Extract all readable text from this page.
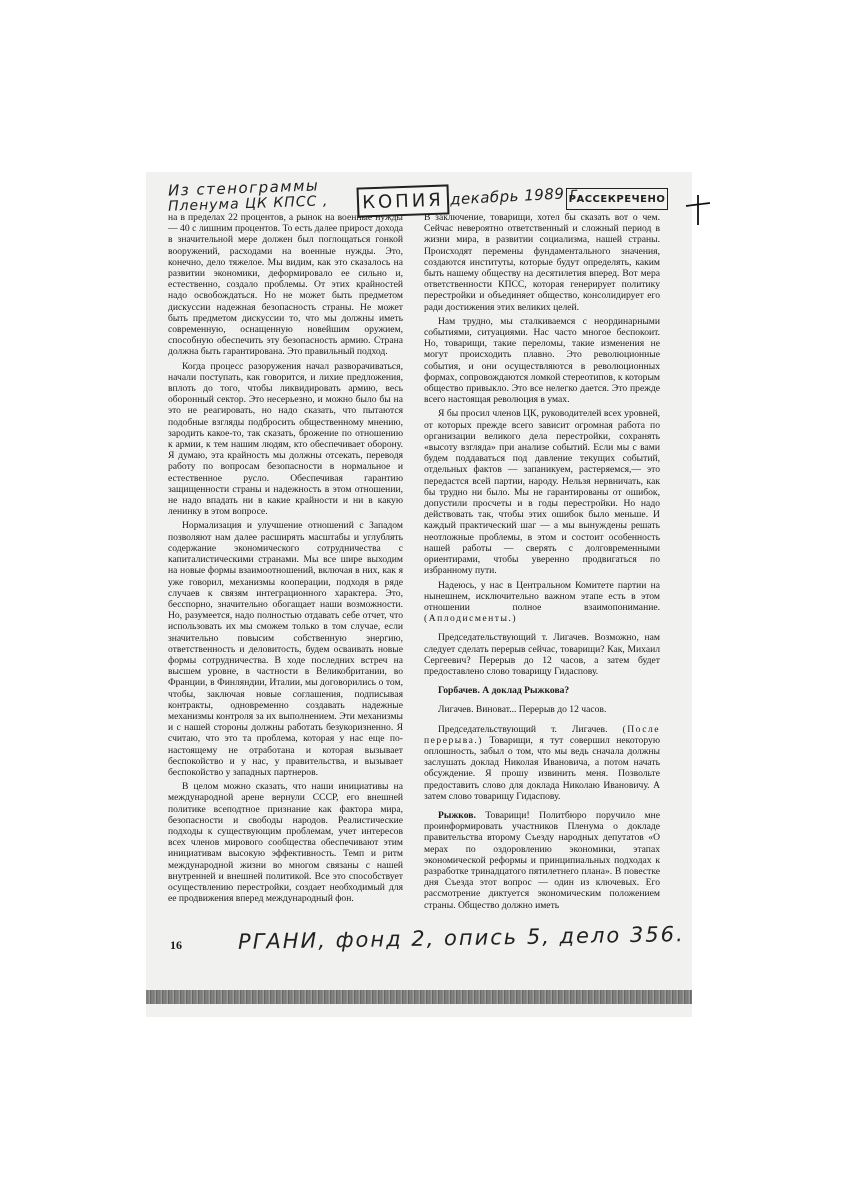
Из стенограммы
Пленума ЦК КПСС ,	КОПИЯ декабрь 1989 г.
РАССЕКРЕЧЕНО

на в пределах 22 процентов, а рынок на военные нужды — 40 с лишним процентов. То есть далее прирост дохода в значительной мере должен был поглощаться гонкой вооружений, расходами на военные нужды. Это, конечно, дело тяжелое. Мы видим, как это сказалось на развитии экономики, деформировало ее сильно и, естественно, создало проблемы. От этих крайностей надо освобождаться. Но не может быть предметом дискуссии надежная безопасность страны. Не может быть предметом дискуссии то, что мы должны иметь современную, оснащенную новейшим оружием, способную обеспечить эту безопасность армию. Страна должна быть гарантирована. Это правильный подход.

Когда процесс разоружения начал разворачиваться, начали поступать, как говорится, и лихие предложения, вплоть до того, чтобы ликвидировать армию, весь оборонный сектор. Это несерьезно, и можно было бы на это не реагировать, но надо сказать, что пытаются подобные взгляды подбросить общественному мнению, зародить какое-то, так сказать, брожение по отношению к армии, к тем нашим людям, кто обеспечивает оборону. Я думаю, эта крайность мы должны отсекать, переводя работу по вопросам безопасности в нормальное и естественное русло. Обеспечивая гарантию защищенности страны и надежность в этом отношении, не надо впадать ни в какие крайности и ни в какую ленинку в этом вопросе.

Нормализация и улучшение отношений с Западом позволяют нам далее расширять масштабы и углублять содержание экономического сотрудничества с капиталистическими странами. Мы все шире выходим на новые формы взаимоотношений, включая в них, как я уже говорил, механизмы кооперации, подходя в ряде случаев к связям интеграционного характера. Это, бесспорно, значительно обогащает наши возможности. Но, разумеется, надо полностью отдавать себе отчет, что использовать их мы сможем только в том случае, если значительно повысим собственную энергию, ответственность и деловитость, будем осваивать новые формы сотрудничества. В ходе последних встреч на высшем уровне, в частности в Великобритании, во Франции, в Финляндии, Италии, мы договорились о том, чтобы, заключая новые соглашения, подписывая контракты, одновременно создавать надежные механизмы контроля за их выполнением. Эти механизмы и с нашей стороны должны работать безукоризненно. Я считаю, что это та проблема, которая у нас еще по-настоящему не отработана и которая вызывает беспокойство и у нас, у правительства, и вызывает беспокойство у западных партнеров.

В целом можно сказать, что наши инициативы на международной арене вернули СССР, его внешней политике всеподтное признание как фактора мира, безопасности и свободы народов. Реалистические подходы к существующим проблемам, учет интересов всех членов мирового сообщества обеспечивают этим инициативам высокую эффективность. Темп и ритм международной жизни во многом связаны с нашей внутренней и внешней политикой. Все это способствует осуществлению перестройки, создает необходимый для ее продвижения вперед международный фон.

В заключение, товарищи, хотел бы сказать вот о чем. Сейчас невероятно ответственный и сложный период в жизни мира, в развитии социализма, нашей страны. Происходят перемены фундаментального значения, создаются институты, которые будут определять, каким быть нашему обществу на десятилетия вперед. Вот мера ответственности КПСС, которая генерирует политику перестройки и объединяет общество, консолидирует его ради достижения этих великих целей.

Нам трудно, мы сталкиваемся с неординарными событиями, ситуациями. Нас часто многое беспокоит. Но, товарищи, такие переломы, такие изменения не могут происходить плавно. Это революционные события, и они осуществляются в революционных формах, сопровождаются ломкой стереотипов, к которым общество привыкло. Это все нелегко дается. Это прежде всего настоящая революция в умах.

Я бы просил членов ЦК, руководителей всех уровней, от которых прежде всего зависит огромная работа по организации великого дела перестройки, сохранять «высоту взгляда» при анализе событий. Если мы с вами будем поддаваться под давление текущих событий, отдельных фактов — запаникуем, растеряемся,— это передастся всей партии, народу. Нельзя нервничать, как бы трудно ни было. Мы не гарантированы от ошибок, допустили просчеты и в годы перестройки. Но надо действовать так, чтобы этих ошибок было меньше. И каждый практический шаг — а мы вынуждены решать неотложные проблемы, в этом и состоит особенность нашей работы — сверять с долговременными ориентирами, чтобы уверенно продвигаться по избранному пути.

Надеюсь, у нас в Центральном Комитете партии на нынешнем, исключительно важном этапе есть в этом отношении полное взаимопонимание. (Аплодисменты.)

Председательствующий т. Лигачев. Возможно, нам следует сделать перерыв сейчас, товарищи? Как, Михаил Сергеевич? Перерыв до 12 часов, а затем будет предоставлено слово товарищу Гидаспову.

Горбачев. А доклад Рыжкова?

Лигачев. Виноват... Перерыв до 12 часов.

Председательствующий т. Лигачев. (После перерыва.) Товарищи, я тут совершил некоторую оплошность, забыл о том, что мы ведь сначала должны заслушать доклад Николая Ивановича, а потом начать обсуждение. Я прошу извинить меня. Позвольте предоставить слово для доклада Николаю Ивановичу. А затем слово товарищу Гидаспову.

Рыжков. Товарищи! Политбюро поручило мне проинформировать участников Пленума о докладе правительства второму Съезду народных депутатов «О мерах по оздоровлению экономики, этапах экономической реформы и принципиальных подходах к разработке тринадцатого пятилетнего плана». В повестке дня Съезда этот вопрос — один из ключевых. Его рассмотрение диктуется экономическим положением страны. Общество должно иметь

16	РГАНИ, фонд 2, опись 5, дело 356.
